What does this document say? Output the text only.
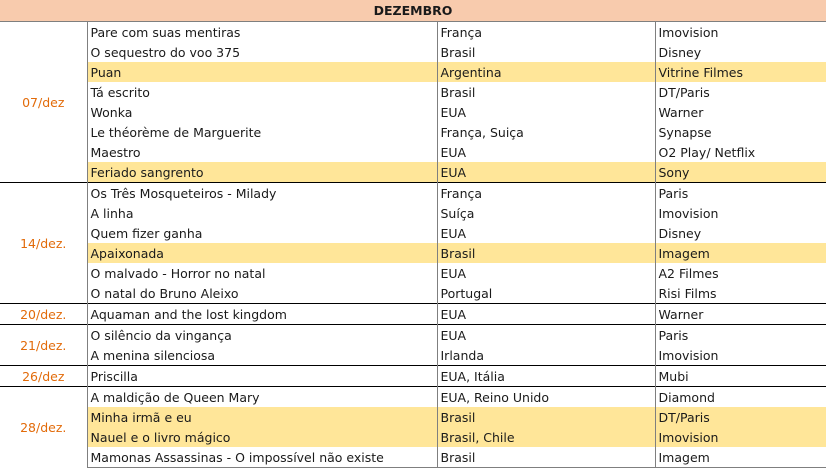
DEZEMBRO			
07/dez	Pare com suas mentiras	França	Imovision
	O sequestro do voo 375	Brasil	Disney
	Puan	Argentina	Vitrine Filmes
	Tá escrito	Brasil	DT/Paris
	Wonka	EUA	Warner
	Le théorème de Marguerite	França, Suiça	Synapse
	Maestro	EUA	O2 Play/ Netflix
	Feriado sangrento	EUA	Sony
14/dez.	Os Três Mosqueteiros - Milady	França	Paris
	A linha	Suíça	Imovision
	Quem fizer ganha	EUA	Disney
	Apaixonada	Brasil	Imagem
	O malvado - Horror no natal	EUA	A2 Filmes
	O natal do Bruno Aleixo	Portugal	Risi Films
20/dez.	Aquaman and the lost kingdom	EUA	Warner
21/dez.	O silêncio da vingança	EUA	Paris
	A menina silenciosa	Irlanda	Imovision
26/dez	Priscilla	EUA, Itália	Mubi
28/dez.	A maldição de Queen Mary	EUA, Reino Unido	Diamond
	Minha irmã e eu	Brasil	DT/Paris
	Nauel e o livro mágico	Brasil, Chile	Imovision
	Mamonas Assassinas - O impossível não existe	Brasil	Imagem
